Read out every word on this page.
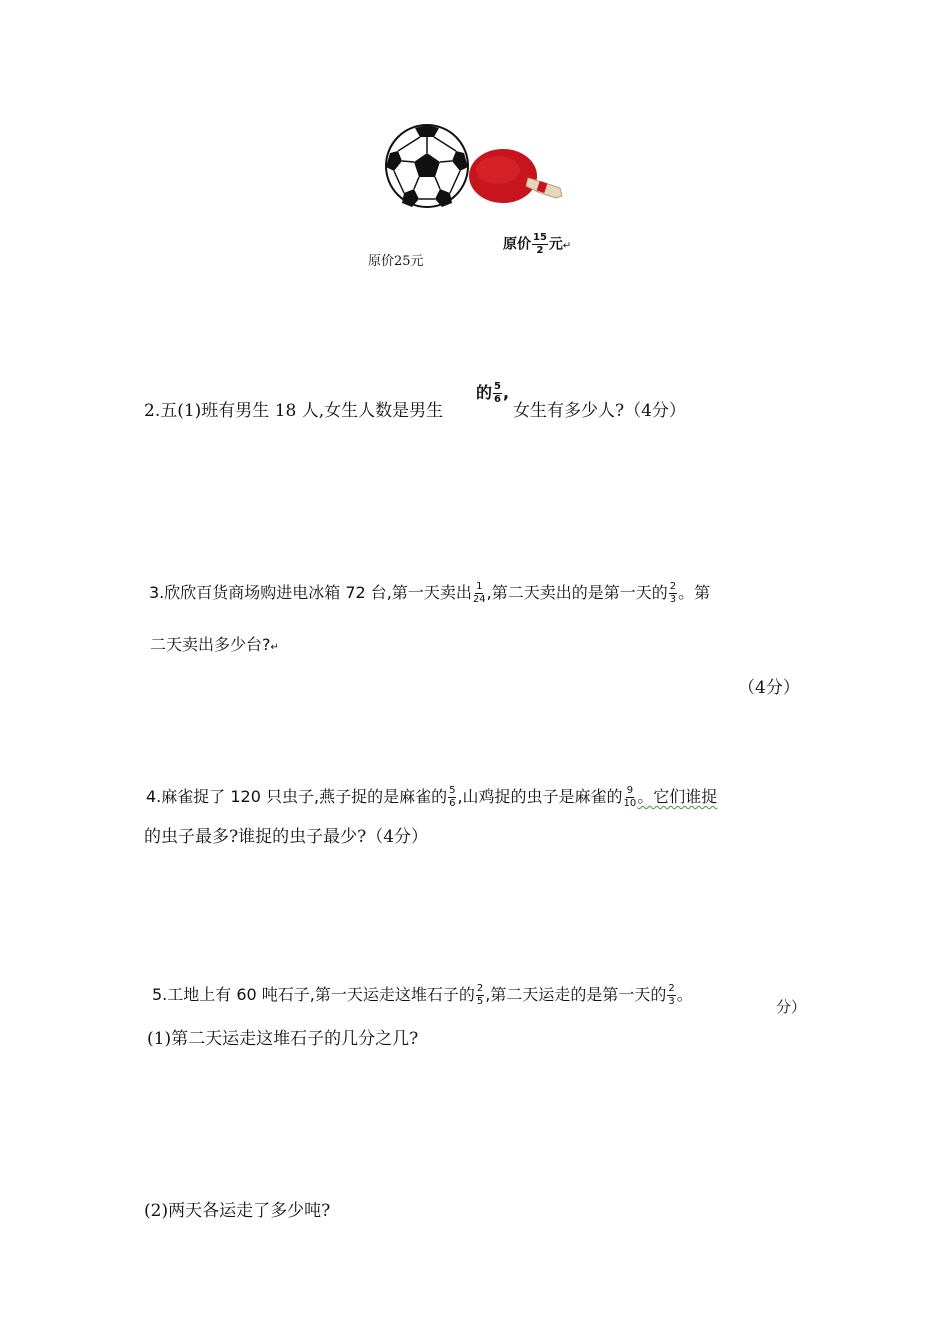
原价25元
原价 $\frac{15}{2}$ 元↵
2.五(1)班有男生 18 人,女生人数是男生
的 $\frac{5}{6}$ ,
女生有多少人?（4分）
3.欣欣百货商场购进电冰箱 72 台,第一天卖出 $\frac{1}{24}$ ,第二天卖出的是第一天的 $\frac{2}{3}$ 。第
二天卖出多少台?↵
（4分）
4.麻雀捉了 120 只虫子,燕子捉的是麻雀的 $\frac{5}{6}$ ,山鸡捉的虫子是麻雀的 $\frac{9}{10}$ 。它们谁捉
的虫子最多?谁捉的虫子最少?（4分）
5.工地上有 60 吨石子,第一天运走这堆石子的 $\frac{2}{5}$ ,第二天运走的是第一天的 $\frac{2}{3}$ 。
分）
(1)第二天运走这堆石子的几分之几?
(2)两天各运走了多少吨?
